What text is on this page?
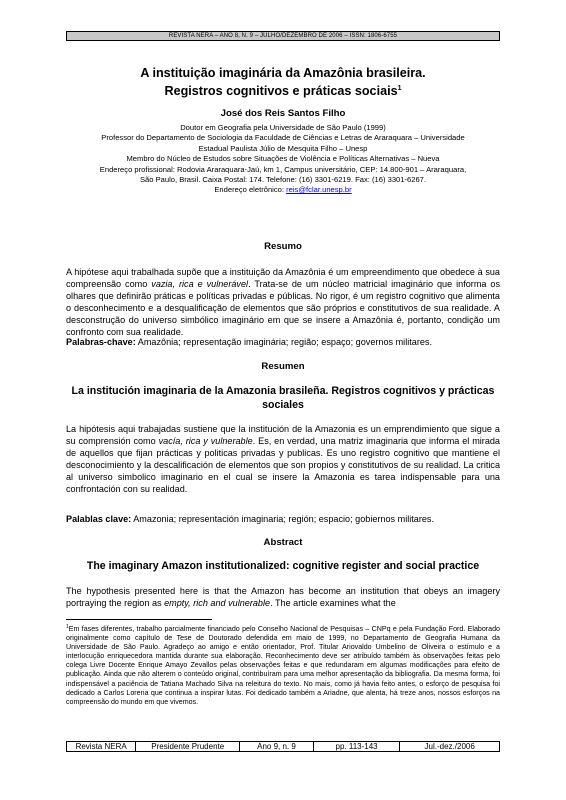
REVISTA NERA – ANO 8, N. 9 – JULHO/DEZEMBRO DE 2006 – ISSN: 1806-6755
A instituição imaginária da Amazônia brasileira.
Registros cognitivos e práticas sociais$^1$
José dos Reis Santos Filho
Doutor em Geografia pela Universidade de São Paulo (1999)
Professor do Departamento de Sociologia da Faculdade de Ciências e Letras de Araraquara – Universidade
Estadual Paulista Júlio de Mesquita Filho – Unesp
Membro do Núcleo de Estudos sobre Situações de Violência e Políticas Alternativas – Nueva
Endereço profissional: Rodovia Araraquara-Jaú, km 1, Campus universitário, CEP: 14.800-901 – Araraquara,
São Paulo, Brasil. Caixa Postal: 174. Telefone: (16) 3301-6219. Fax: (16) 3301-6267.
Endereço eletrônico: reis@fclar.unesp.br
Resumo
A hipótese aqui trabalhada supõe que a instituição da Amazônia é um empreendimento que obedece à sua compreensão como vazia, rica e vulnerável. Trata-se de um núcleo matricial imaginário que informa os olhares que definirão práticas e políticas privadas e públicas. No rigor, é um registro cognitivo que alimenta o desconhecimento e a desqualificação de elementos que são próprios e constitutivos de sua realidade. A desconstrução do universo simbólico imaginário em que se insere a Amazônia é, portanto, condição um confronto com sua realidade.
Palabras-chave: Amazônia; representação imaginária; região; espaço; governos militares.
Resumen
La institución imaginaria de la Amazonia brasileña. Registros cognitivos y prácticas sociales
La hipótesis aqui trabajadas sustiene que la institución de la Amazonia es un emprendimiento que sigue a su comprensión como vacía, rica y vulnerable. Es, en verdad, una matriz imaginaria que informa el mirada de aquellos que fijan prácticas y politicas privadas y publicas. Es uno registro cognitivo que mantiene el desconocimiento y la descalificación de elementos que son propios y constitutivos de su realidad. La critica al universo simbolico imaginario en el cual se insere la Amazonia es tarea indispensable para una confrontación con su realidad.
Palablas clave: Amazonia; representación imaginaria; región; espacio; gobiernos militares.
Abstract
The imaginary Amazon institutionalized: cognitive register and social practice
The hypothesis presented here is that the Amazon has become an institution that obeys an imagery portraying the region as empty, rich and vulnerable. The article examines what the
$^1$Em fases diferentes, trabalho parcialmente financiado pelo Conselho Nacional de Pesquisas – CNPq e pela Fundação Ford. Elaborado originalmente como capítulo de Tese de Doutorado defendida em maio de 1999, no Departamento de Geografia Humana da Universidade de São Paulo. Agradeço ao amigo e então orientador, Prof. Titular Ariovaldo Umbelino de Oliveira o estímulo e a interlocução enriquecedora mantida durante sua elaboração. Reconhecimento deve ser atribuído também às observações feitas pelo colega Livre Docente Enrique Amayo Zevallos pelas observações feitas e que redundaram em algumas modificações para efeito de publicação. Ainda que não alterem o conteúdo original, contribuíram para uma melhor apresentação da bibliografia. Da mesma forma, foi indispensável a paciência de Tatiana Machado Silva na releitura do texto. No mais, como já havia feito antes, o esforço de pesquisa foi dedicado a Carlos Lorena que continua a inspirar lutas. Foi dedicado também a Ariadne, que alenta, há treze anos, nossos esforços na compreensão do mundo em que vivemos.
Revista NERA	Presidente Prudente	Ano 9, n. 9	pp. 113-143	Jul.-dez./2006
